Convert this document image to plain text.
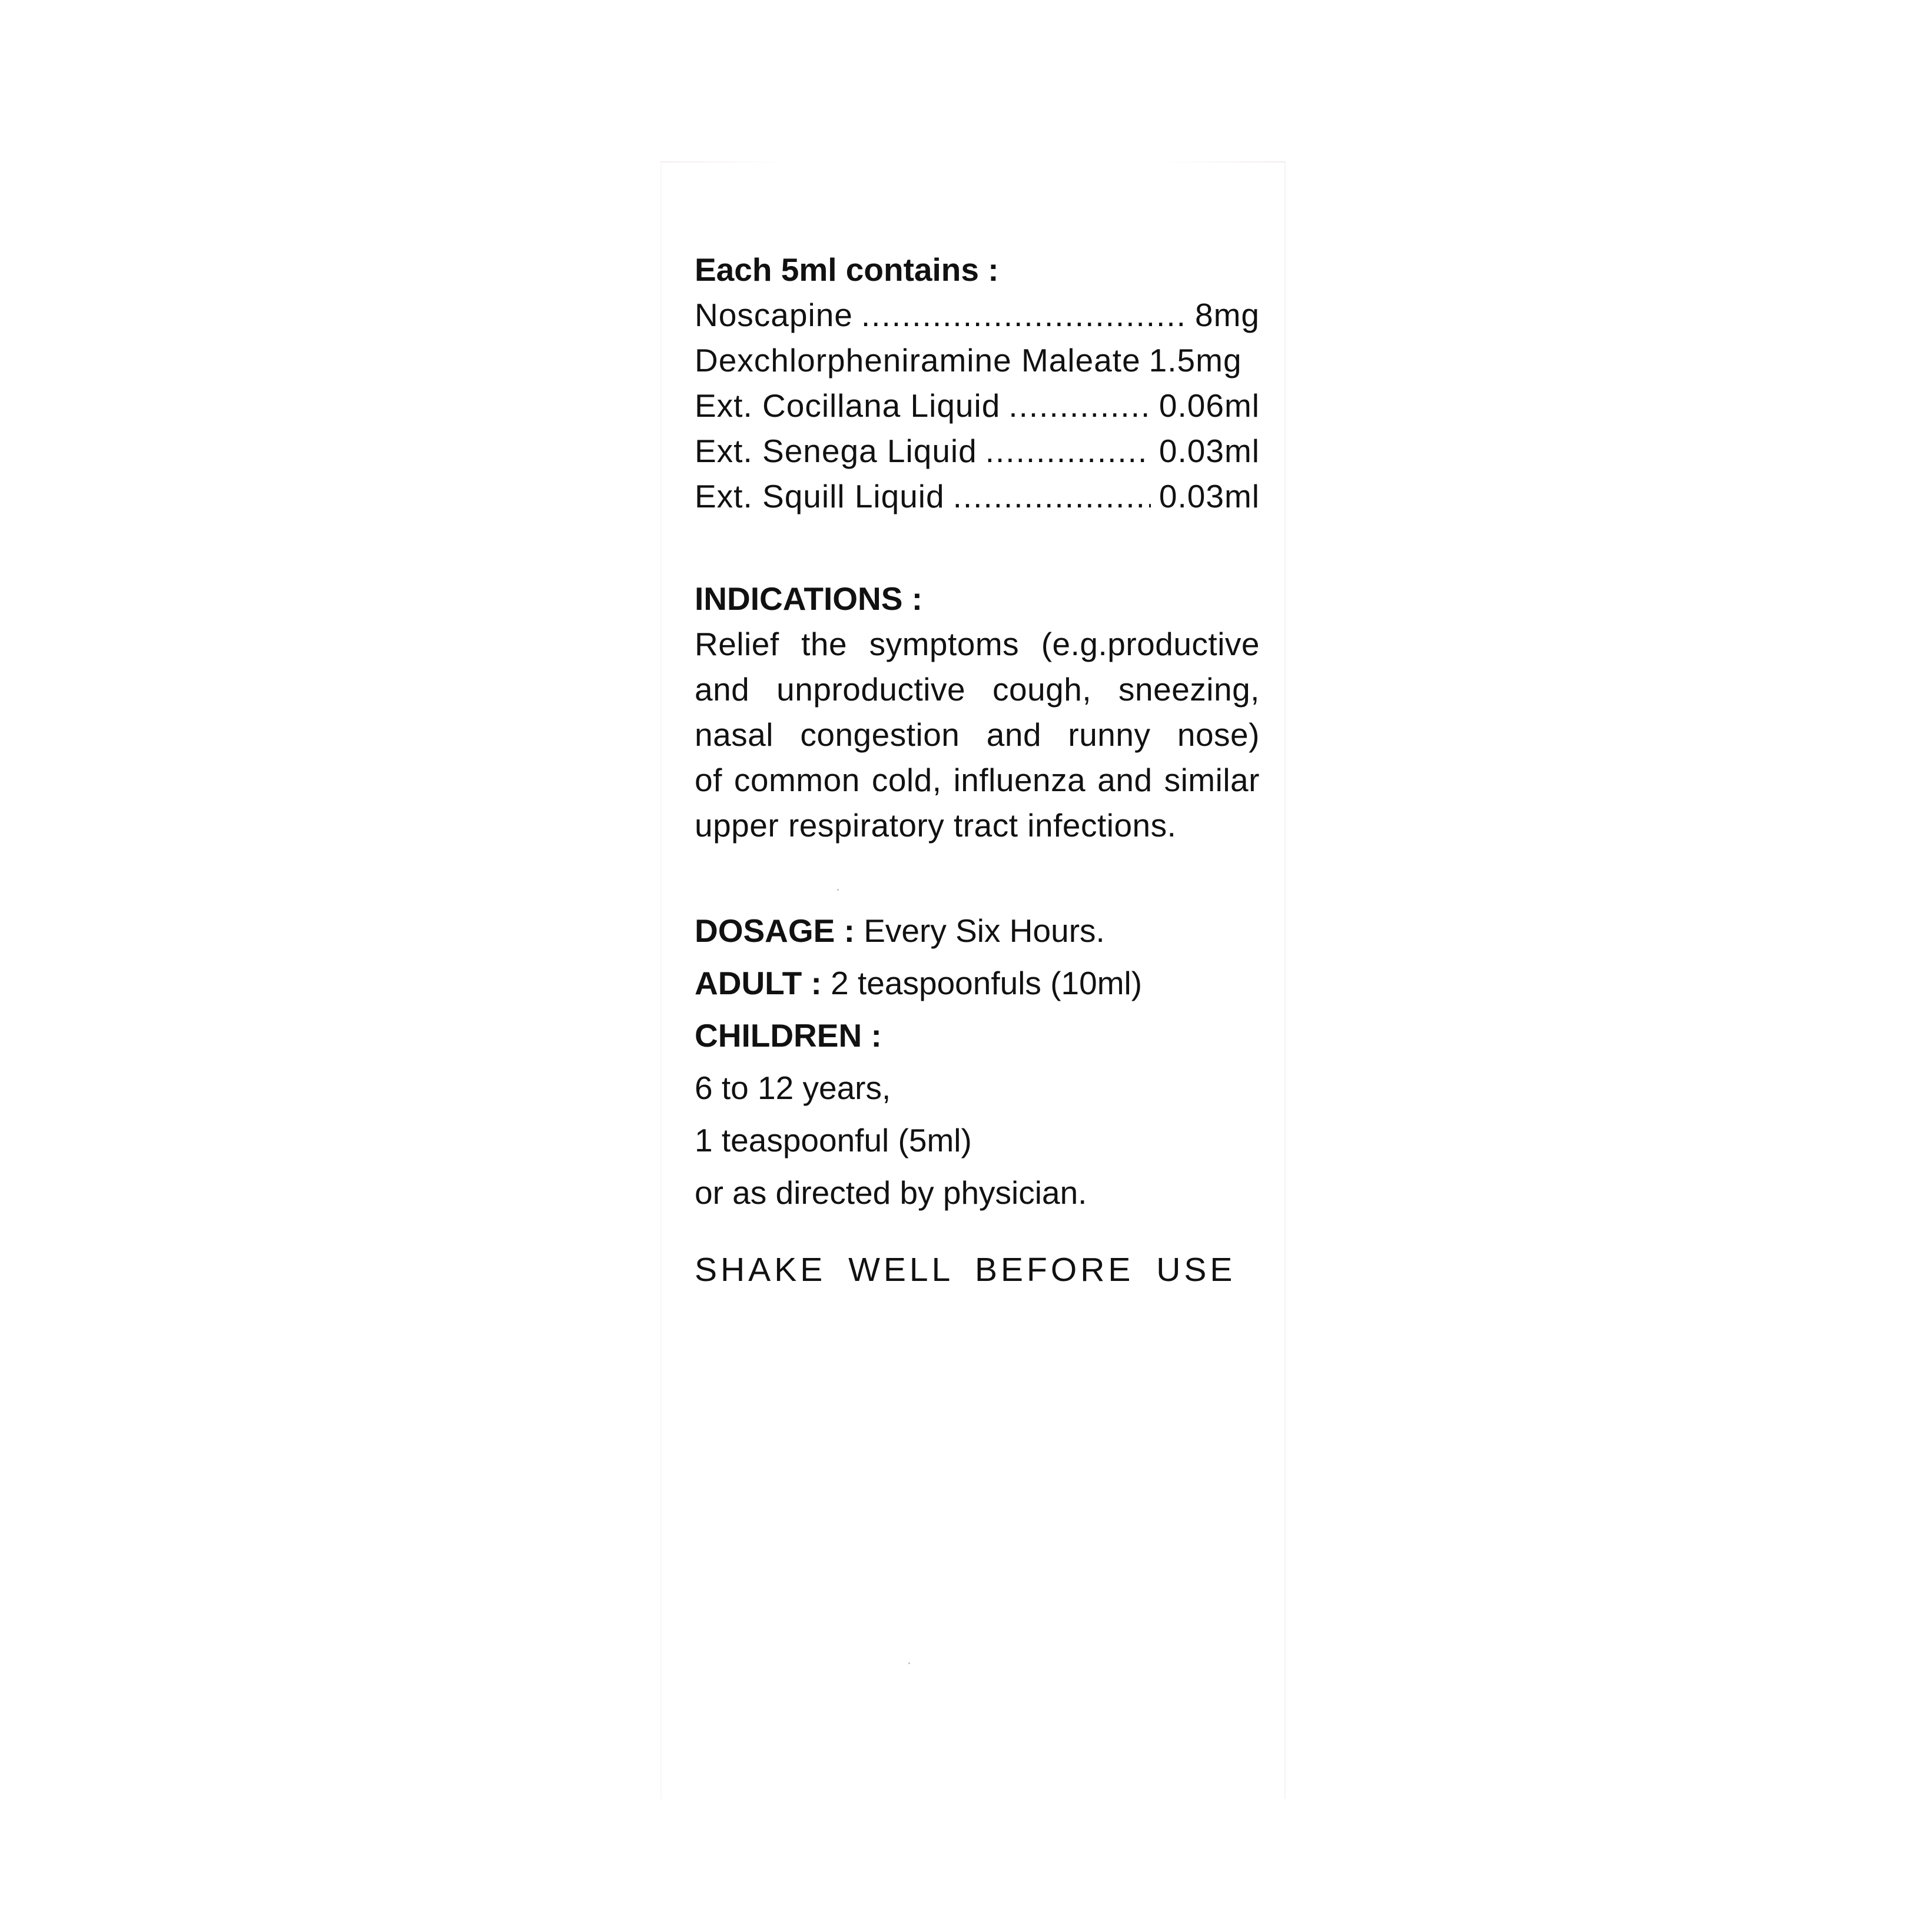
Each 5ml contains :
Noscapine .....	8mg
Dexchlorpheniramine Maleate 1.5mg
Ext. Cocillana Liquid .....	0.06ml
Ext. Senega Liquid .....	0.03ml
Ext. Squill Liquid .....	0.03ml
INDICATIONS :
Relief the symptoms (e.g.productive
and unproductive cough, sneezing,
nasal congestion and runny nose)
of common cold, influenza and similar
upper respiratory tract infections.
DOSAGE : Every Six Hours.
ADULT : 2 teaspoonfuls (10ml)
CHILDREN :
6 to 12 years,
1 teaspoonful (5ml)
or as directed by physician.
SHAKE WELL BEFORE USE
